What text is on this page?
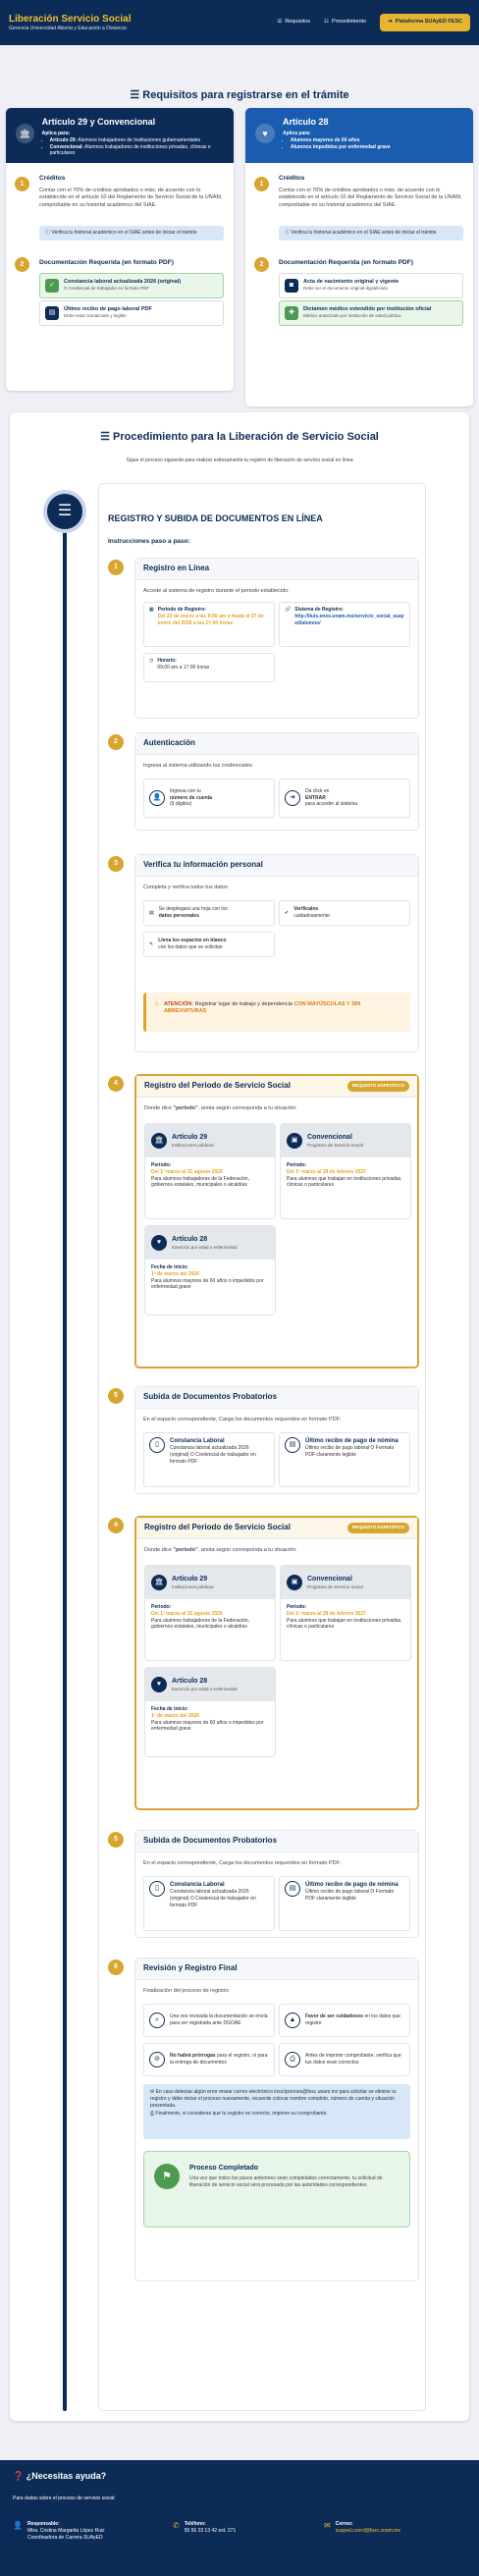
Liberación Servicio Social
Gerencia Universidad Abierta y Educación a Distancia
☰ Requisitos	☷ Procedimiento	➜ Plataforma SUAyED FESC
☰ Requisitos para registrarse en el trámite
🏛
Artículo 29 y Convencional
Aplica para:
• Artículo 29: Alumnos trabajadores de Instituciones gubernamentales
• Convencional: Alumnos trabajadores de instituciones privadas, clínicas o particulares
1
Créditos
Contar con el 70% de créditos aprobados o más, de acuerdo con lo establecido en el artículo 10 del Reglamento de Servicio Social de la UNAM, comprobable en su historial académico del SIAE.
ⓘ Verifica tu historial académico en el SIAE antes de iniciar el trámite
2	Documentación Requerida (en formato PDF)
✓
Constancia laboral actualizada 2026 (original)
O Credencial de trabajador en formato PDF
▤
Último recibo de pago laboral PDF
Debe estar actualizado y legible
♥
Artículo 28
Aplica para:
• Alumnos mayores de 60 años
• Alumnos impedidos por enfermedad grave
1
Créditos
Contar con el 70% de créditos aprobados o más, de acuerdo con lo establecido en el artículo 10 del Reglamento de Servicio Social de la UNAM, comprobable en su historial académico del SIAE.
ⓘ Verifica tu historial académico en el SIAE antes de iniciar el trámite
2	Documentación Requerida (en formato PDF)
◙
Acta de nacimiento original y vigente
Debe ser el documento original digitalizado
✚
Dictamen médico extendido por institución oficial
Médico autorizado por institución de salud pública
☰ Procedimiento para la Liberación de Servicio Social
Sigue el proceso siguiente para realizar exitosamente tu registro de liberación de servicio social en línea
☰	REGISTRO Y SUBIDA DE DOCUMENTOS EN LÍNEA
Instrucciones paso a paso:
1	Registro en Línea
Accede al sistema de registro durante el periodo establecido:
▦ Periodo de Registro:
Del 23 de enero a las 9:00 am y hasta el 27 de enero del 2026 a las 17:00 horas
🔗 Sistema de Registro:
http://iluis.enes.unam.mx/servicio_social_suayed/alumno/
◷ Horario:
09:00 am a 17:00 horas
2	Autenticación
Ingresa al sistema utilizando tus credenciales:
👤
Ingresa con tu
número de cuenta
(9 dígitos)
➜
Da click en
ENTRAR
para acceder al sistema
3	Verifica tu información personal
Completa y verifica todos tus datos:
▤
Se desplegará una hoja con los
datos personales
✔
Verifícalos
cuidadosamente
✎
Llena los espacios en blanco
con los datos que se solicitan
⚠ ATENCIÓN: Registrar lugar de trabajo y dependencia CON MAYÚSCULAS Y SIN ABREVIATURAS
4	Registro del Periodo de Servicio Social	REQUISITO ESPECÍFICO
Donde dice "periodo", anota según corresponda a tu situación:
🏛	Artículo 29
Instituciones públicas
Periodo:
Del 1º marzo al 31 agosto 2026
Para alumnos trabajadores de la Federación, gobiernos estatales, municipales o alcaldías
▣	Convencional
Programa de Servicio Social
Periodo:
Del 1º marzo al 28 de febrero 2027
Para alumnos que trabajan en instituciones privadas, clínicas o particulares
♥	Artículo 28
Exención por edad o enfermedad
Fecha de inicio:
1º de marzo del 2026
Para alumnos mayores de 60 años o impedidos por enfermedad grave
5	Subida de Documentos Probatorios
En el espacio correspondiente, Carga los documentos requeridos en formato PDF:
▯
Constancia Laboral
Constancia laboral actualizada 2026 (original) O Credencial de trabajador en formato PDF
▤
Último recibo de pago de nómina
Último recibo de pago laboral O Formato PDF claramente legible
4	Registro del Periodo de Servicio Social	REQUISITO ESPECÍFICO
Donde dice "periodo", anota según corresponda a tu situación:
🏛	Artículo 29
Instituciones públicas
Periodo:
Del 1º marzo al 31 agosto 2026
Para alumnos trabajadores de la Federación, gobiernos estatales, municipales o alcaldías
▣	Convencional
Programa de Servicio Social
Periodo:
Del 1º marzo al 28 de febrero 2027
Para alumnos que trabajan en instituciones privadas, clínicas o particulares
♥	Artículo 28
Exención por edad o enfermedad
Fecha de inicio:
1º de marzo del 2026
Para alumnos mayores de 60 años o impedidos por enfermedad grave
5	Subida de Documentos Probatorios
En el espacio correspondiente, Carga los documentos requeridos en formato PDF:
▯
Constancia Laboral
Constancia laboral actualizada 2026 (original) O Credencial de trabajador en formato PDF
▤
Último recibo de pago de nómina
Último recibo de pago laboral O Formato PDF claramente legible
6	Revisión y Registro Final
Finalización del proceso de registro:
⌕
Una vez revisada la documentación se envía para ser registrada ante DGOAE	▲
Favor de ser cuidadosos en los datos que registre
⊘
No habrá prórrogas para el registro, ni para la entrega de documentos	⎙
Antes de imprimir comprobante, verifica que tus datos sean correctos
✉ En caso detectar algún error enviar correo electrónico inscripciones@fesc.unam.mx para solicitar se elimine tu registro y debe iniciar el proceso nuevamente, recuerde colocar nombre completo, número de cuenta y situación presentada.
⎙ Finalmente, si consideras que tu registro es correcto, imprime su comprobante.
⚑
Proceso Completado
Una vez que todos los pasos anteriores sean completados correctamente, tu solicitud de liberación de servicio social será procesada por las autoridades correspondientes.
❓ ¿Necesitas ayuda?
Para dudas sobre el proceso de servicio social:
👤 Responsable:
Mtra. Cristina Margarita López Ruiz
Coordinadora de Carrera SUAyED
✆ Teléfono:
55 56 23 13 42 ext. 271
✉ Correo:
suayed.coord@fesc.unam.mx
